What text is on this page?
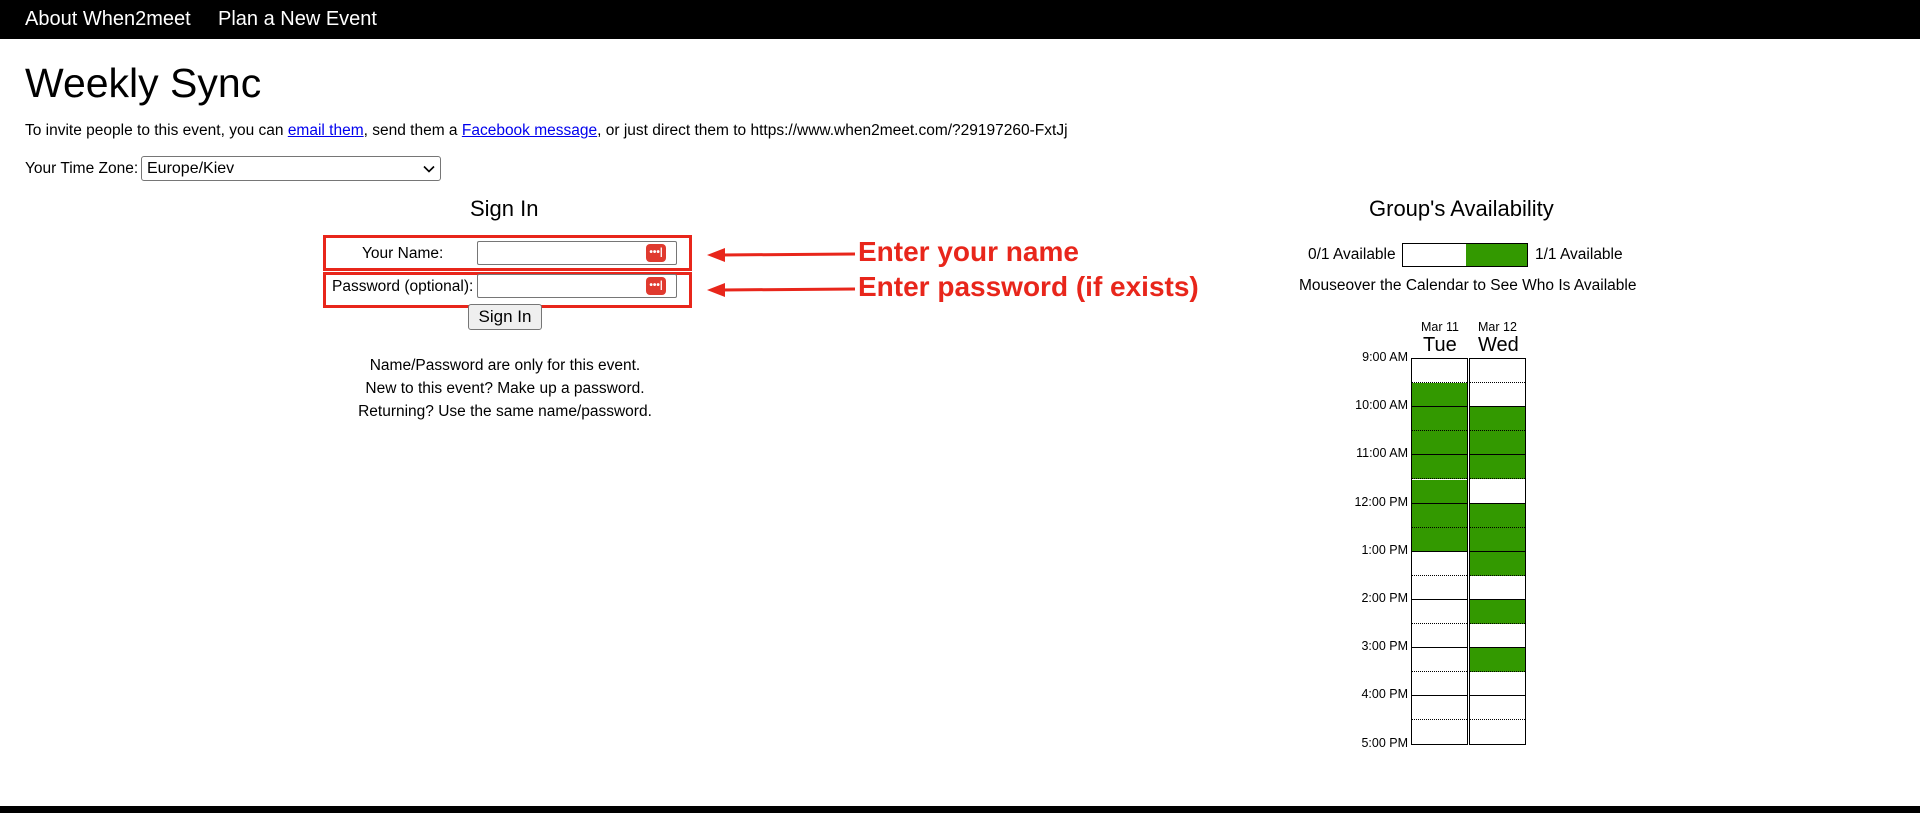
About When2meet Plan a New Event
Weekly Sync
To invite people to this event, you can email them, send them a Facebook message, or just direct them to https://www.when2meet.com/?29197260-FxtJj
Your Time Zone: Europe/Kiev
Sign In
Your Name:	•••|
Password (optional):	•••|
Sign In
Name/Password are only for this event.
New to this event? Make up a password.
Returning? Use the same name/password.
Enter your name
Enter password (if exists)
Group's Availability
0/1 Available	1/1 Available
Mouseover the Calendar to See Who Is Available
Mar 11
Tue
Mar 12
Wed
9:00 AM
10:00 AM
11:00 AM
12:00 PM
1:00 PM
2:00 PM
3:00 PM
4:00 PM
5:00 PM
